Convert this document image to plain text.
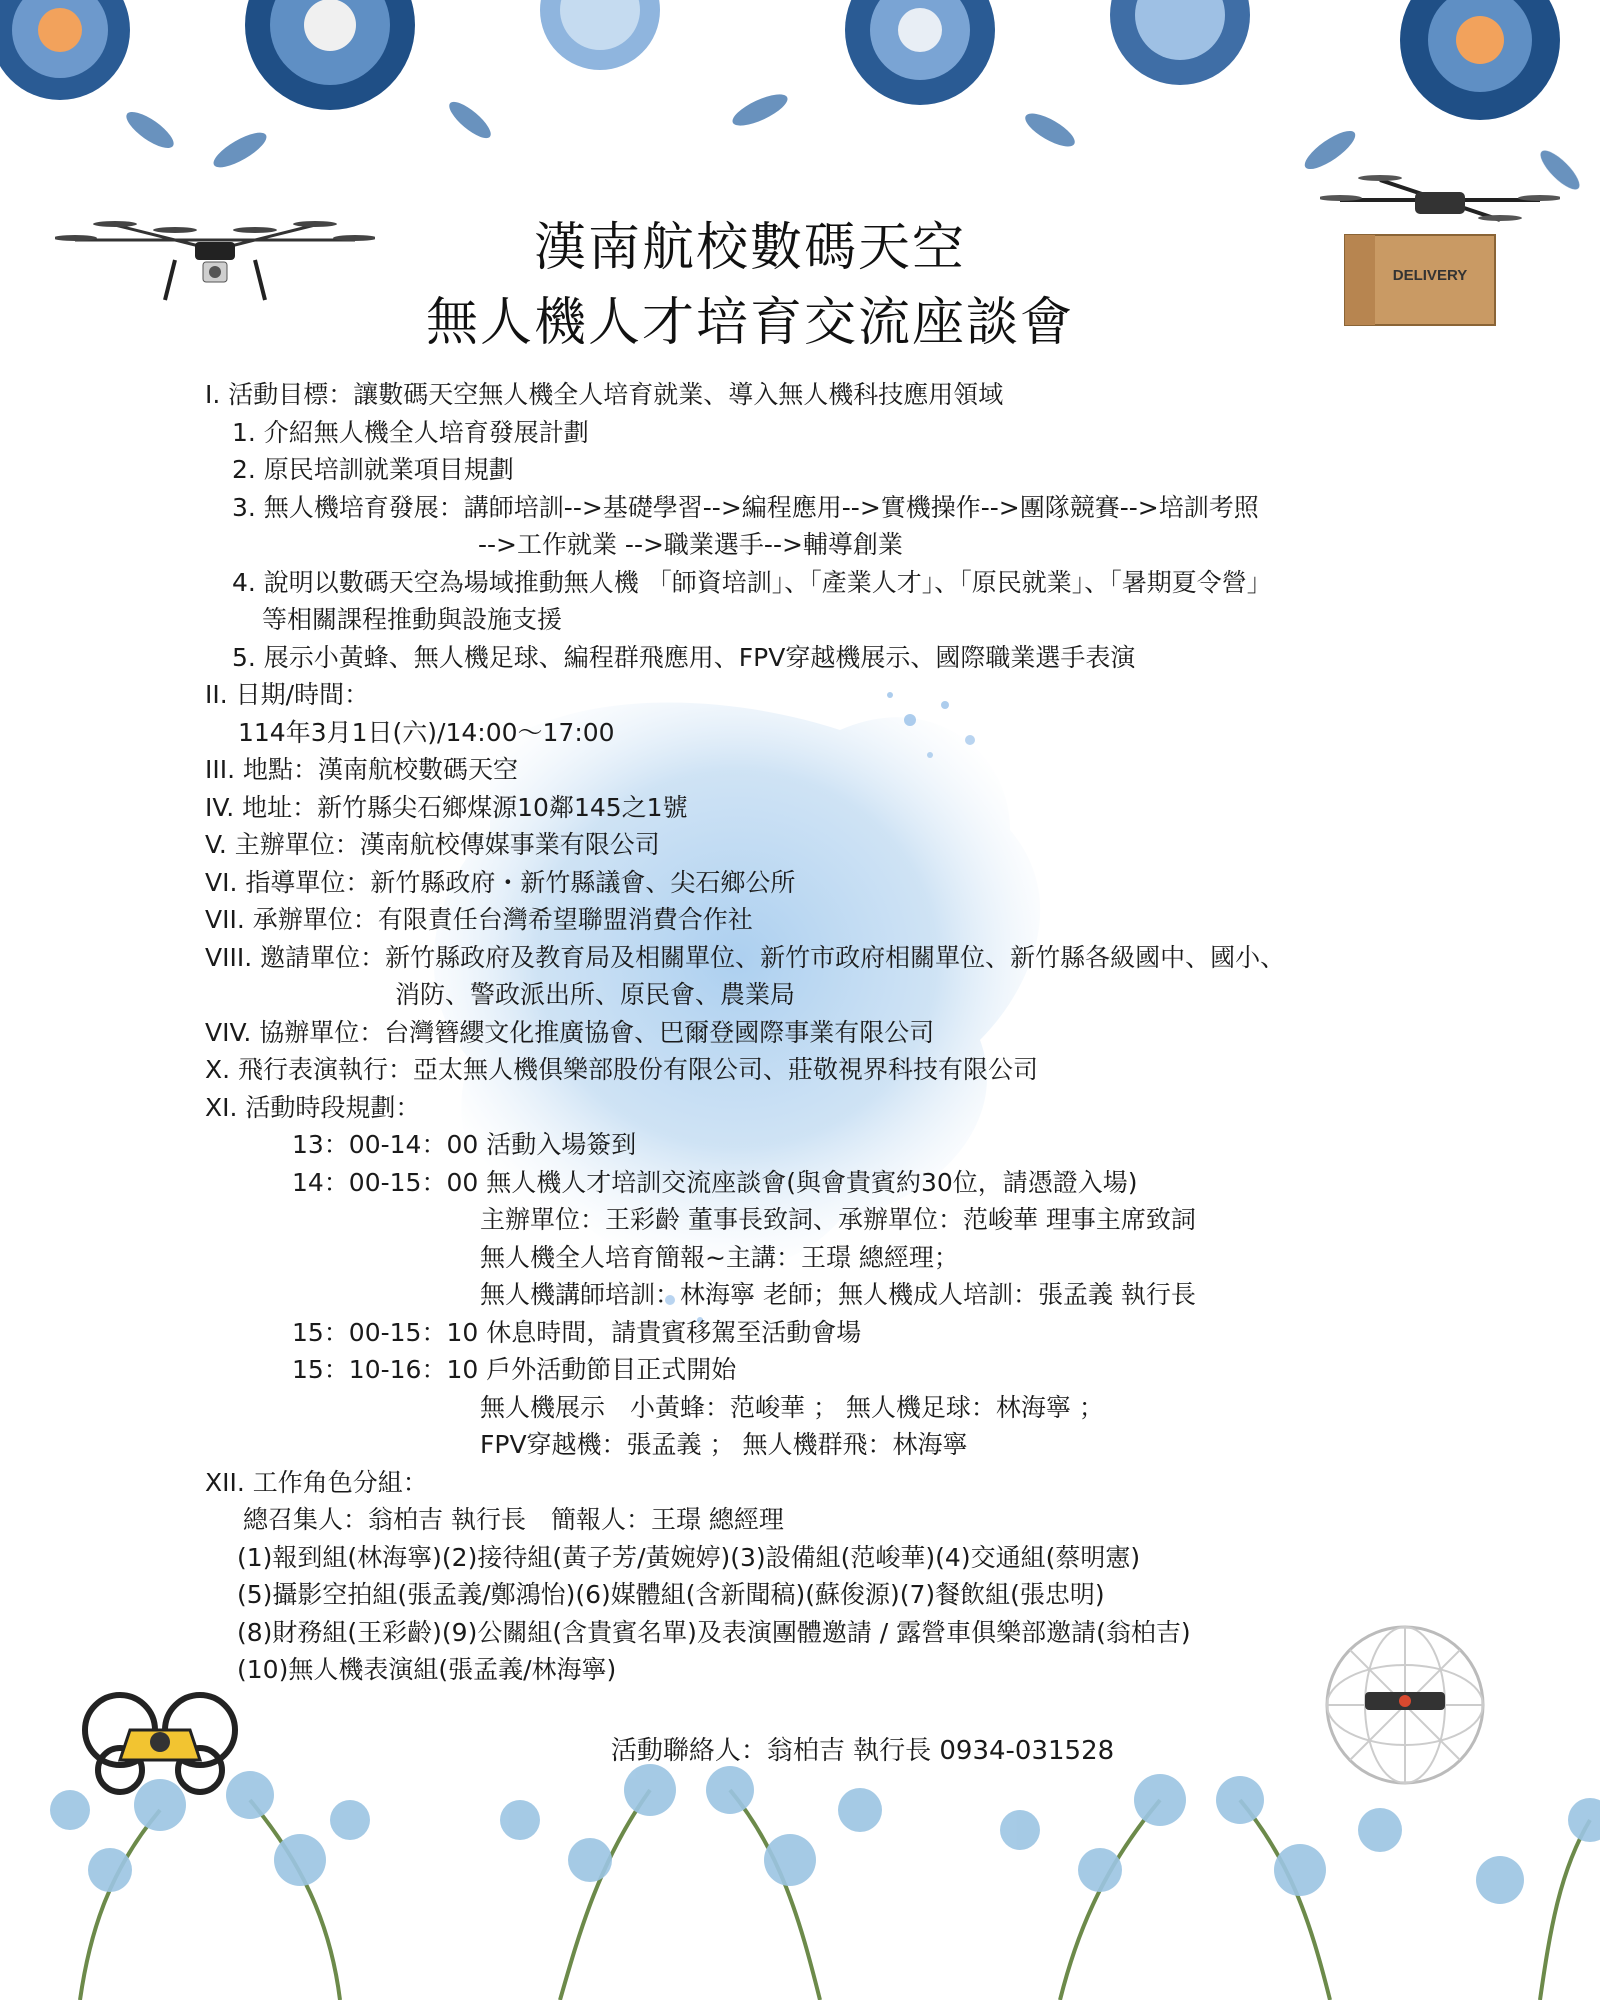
DELIVERY
漢南航校數碼天空
無人機人才培育交流座談會
I. 活動目標：讓數碼天空無人機全人培育就業、導入無人機科技應用領域
1. 介紹無人機全人培育發展計劃
2. 原民培訓就業項目規劃
3. 無人機培育發展：講師培訓-->基礎學習-->編程應用-->實機操作-->團隊競賽-->培訓考照
-->工作就業 -->職業選手-->輔導創業
4. 說明以數碼天空為場域推動無人機 「師資培訓」、「產業人才」、「原民就業」、「暑期夏令營」
等相關課程推動與設施支援
5. 展示小黃蜂、無人機足球、編程群飛應用、FPV穿越機展示、國際職業選手表演
II. 日期/時間：
114年3月1日(六)/14:00～17:00
III. 地點：漢南航校數碼天空
IV. 地址：新竹縣尖石鄉煤源10鄰145之1號
V. 主辦單位：漢南航校傳媒事業有限公司
VI. 指導單位：新竹縣政府・新竹縣議會、尖石鄉公所
VII. 承辦單位：有限責任台灣希望聯盟消費合作社
VIII. 邀請單位：新竹縣政府及教育局及相關單位、新竹市政府相關單位、新竹縣各級國中、國小、
消防、警政派出所、原民會、農業局
VIV. 協辦單位：台灣簪纓文化推廣協會、巴爾登國際事業有限公司
X. 飛行表演執行：亞太無人機俱樂部股份有限公司、莊敬視界科技有限公司
XI. 活動時段規劃：
13：00-14：00 活動入場簽到
14：00-15：00 無人機人才培訓交流座談會(與會貴賓約30位，請憑證入場)
主辦單位：王彩齡 董事長致詞、承辦單位：范峻華 理事主席致詞
無人機全人培育簡報~主講：王璟 總經理；
無人機講師培訓：林海寧 老師；無人機成人培訓：張孟義 執行長
15：00-15：10 休息時間，請貴賓移駕至活動會場
15：10-16：10 戶外活動節目正式開始
無人機展示　小黃蜂：范峻華 ； 無人機足球：林海寧 ；
FPV穿越機：張孟義 ； 無人機群飛：林海寧
XII. 工作角色分組：
總召集人：翁柏吉 執行長　簡報人：王璟 總經理
(1)報到組(林海寧)(2)接待組(黃子芳/黃婉婷)(3)設備組(范峻華)(4)交通組(蔡明憲)
(5)攝影空拍組(張孟義/鄭鴻怡)(6)媒體組(含新聞稿)(蘇俊源)(7)餐飲組(張忠明)
(8)財務組(王彩齡)(9)公關組(含貴賓名單)及表演團體邀請 / 露營車俱樂部邀請(翁柏吉)
(10)無人機表演組(張孟義/林海寧)
活動聯絡人：翁柏吉 執行長 0934-031528
